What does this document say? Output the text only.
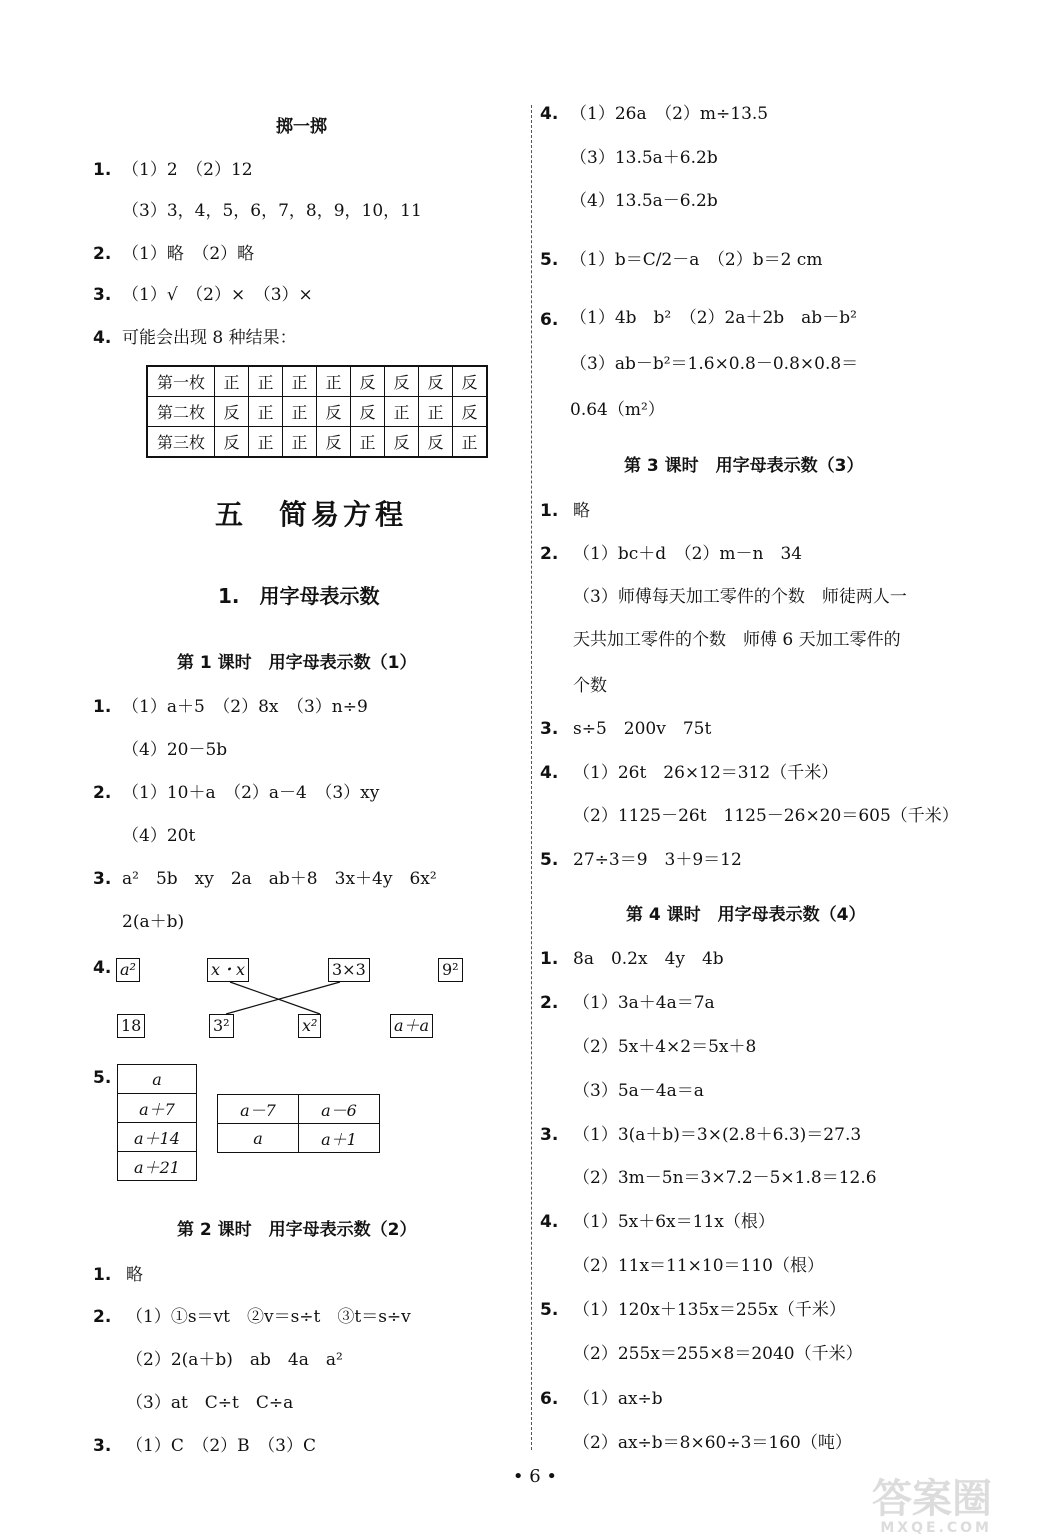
掷一掷
1. （1）2　（2）12
（3）3，4，5，6，7，8，9，10，11
2. （1）略　（2）略
3. （1）√　（2）×　（3）×
4. 可能会出现 8 种结果：
第一枚	正	正	正	正	反	反	反	反
第二枚	反	正	正	反	反	正	正	反
第三枚	反	正	正	反	正	反	反	正
五　简易方程
1.　用字母表示数
第 1 课时　用字母表示数（1）
1. （1）a＋5　（2）8x　（3）n÷9
（4）20－5b
2. （1）10＋a　（2）a－4　（3）xy
（4）20t
3. a²　5b　xy　2a　ab＋8　3x＋4y　6x²
2(a＋b)
4. a²	x・x	3×3	9²
18	3²	x²	a＋a
5.	a
a＋7
a＋14
a＋21
a－7	a－6
a	a＋1
第 2 课时　用字母表示数（2）
1. 略
2. （1）①s＝vt　②v＝s÷t　③t＝s÷v
（2）2(a＋b)　ab　4a　a²
（3）at　C÷t　C÷a
3. （1）C　（2）B　（3）C
4. （1）26a　（2）m÷13.5
（3）13.5a＋6.2b
（4）13.5a－6.2b
5. （1）b＝C/2－a　（2）b＝2 cm
6. （1）4b　b²　（2）2a＋2b　ab－b²
（3）ab－b²＝1.6×0.8－0.8×0.8＝
0.64（m²）
第 3 课时　用字母表示数（3）
1. 略
2. （1）bc＋d　（2）m－n　34
（3）师傅每天加工零件的个数　师徒两人一
天共加工零件的个数　师傅 6 天加工零件的
个数
3. s÷5　200v　75t
4. （1）26t　26×12＝312（千米）
（2）1125－26t　1125－26×20＝605（千米）
5. 27÷3＝9　3＋9＝12
第 4 课时　用字母表示数（4）
1. 8a　0.2x　4y　4b
2. （1）3a＋4a＝7a
（2）5x＋4×2＝5x＋8
（3）5a－4a＝a
3. （1）3(a＋b)＝3×(2.8＋6.3)＝27.3
（2）3m－5n＝3×7.2－5×1.8＝12.6
4. （1）5x＋6x＝11x（根）
（2）11x＝11×10＝110（根）
5. （1）120x＋135x＝255x（千米）
（2）255x＝255×8＝2040（千米）
6. （1）ax÷b
（2）ax÷b＝8×60÷3＝160（吨）
• 6 •	答案圈
MXQE.COM
